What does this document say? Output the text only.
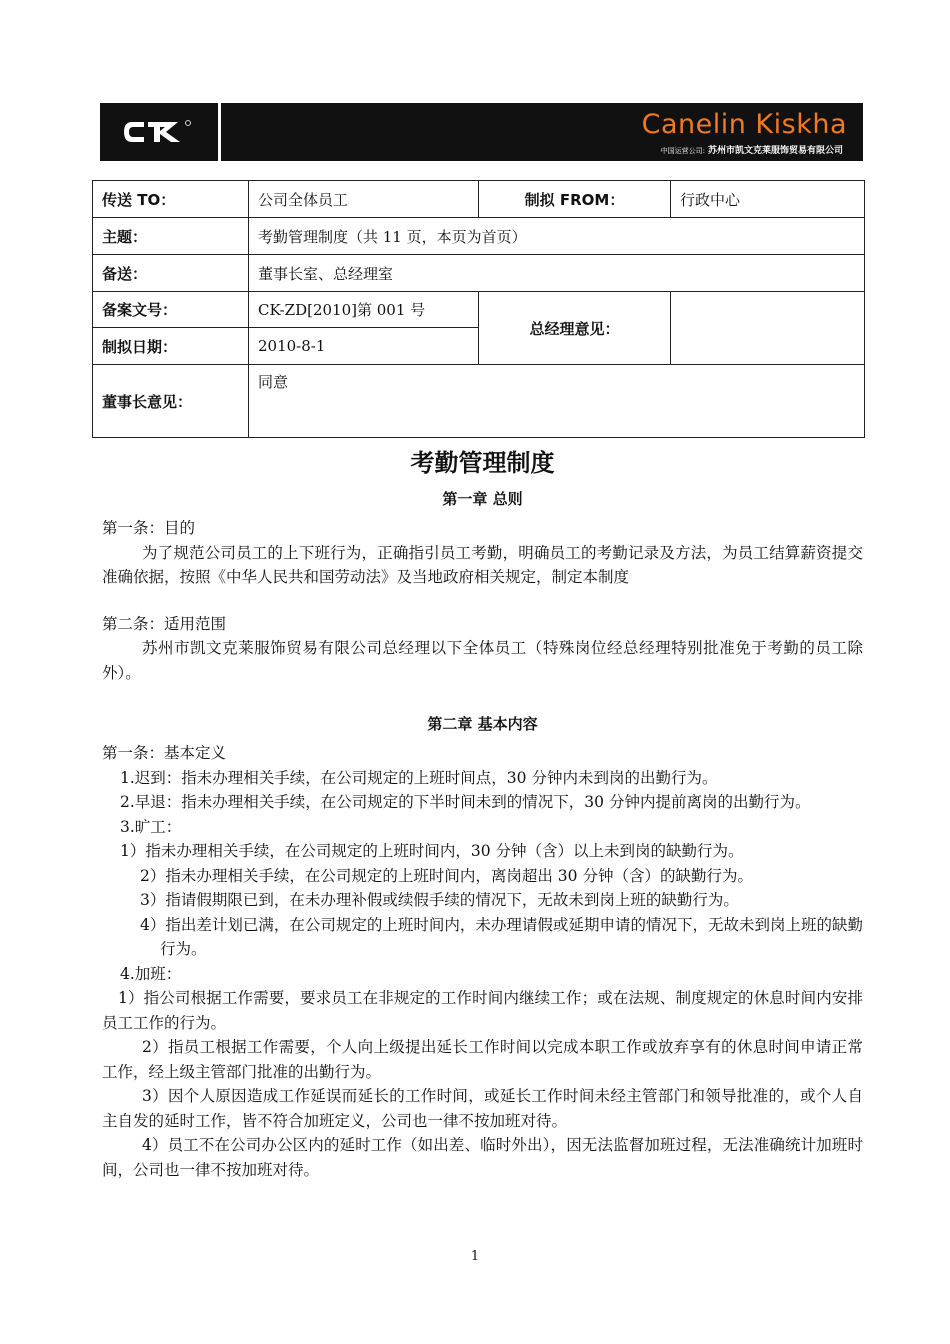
Canelin Kiskha
中国运营公司: 苏州市凯文克莱服饰贸易有限公司
传送 TO：	公司全体员工	制拟 FROM：	行政中心
主题：	考勤管理制度（共 11 页，本页为首页）		
备送：	董事长室、总经理室		
备案文号：	CK-ZD[2010]第 001 号	总经理意见：	
制拟日期：	2010-8-1		
董事长意见：	同意		

考勤管理制度

第一章 总则

第一条：目的

为了规范公司员工的上下班行为，正确指引员工考勤，明确员工的考勤记录及方法，为员工结算薪资提交准确依据，按照《中华人民共和国劳动法》及当地政府相关规定，制定本制度

第二条：适用范围

苏州市凯文克莱服饰贸易有限公司总经理以下全体员工（特殊岗位经总经理特别批准免于考勤的员工除外）。

第二章 基本内容

第一条：基本定义

1.迟到：指未办理相关手续，在公司规定的上班时间点，30 分钟内未到岗的出勤行为。

2.早退：指未办理相关手续，在公司规定的下半时间未到的情况下，30 分钟内提前离岗的出勤行为。

3.旷工：

1）指未办理相关手续，在公司规定的上班时间内，30 分钟（含）以上未到岗的缺勤行为。

2）指未办理相关手续，在公司规定的上班时间内，离岗超出 30 分钟（含）的缺勤行为。

3）指请假期限已到，在未办理补假或续假手续的情况下，无故未到岗上班的缺勤行为。

4）指出差计划已满，在公司规定的上班时间内，未办理请假或延期申请的情况下，无故未到岗上班的缺勤行为。

4.加班：

1）指公司根据工作需要，要求员工在非规定的工作时间内继续工作；或在法规、制度规定的休息时间内安排员工工作的行为。

2）指员工根据工作需要，个人向上级提出延长工作时间以完成本职工作或放弃享有的休息时间申请正常工作，经上级主管部门批准的出勤行为。

3）因个人原因造成工作延误而延长的工作时间，或延长工作时间未经主管部门和领导批准的，或个人自主自发的延时工作，皆不符合加班定义，公司也一律不按加班对待。

4）员工不在公司办公区内的延时工作（如出差、临时外出），因无法监督加班过程，无法准确统计加班时间，公司也一律不按加班对待。

1
